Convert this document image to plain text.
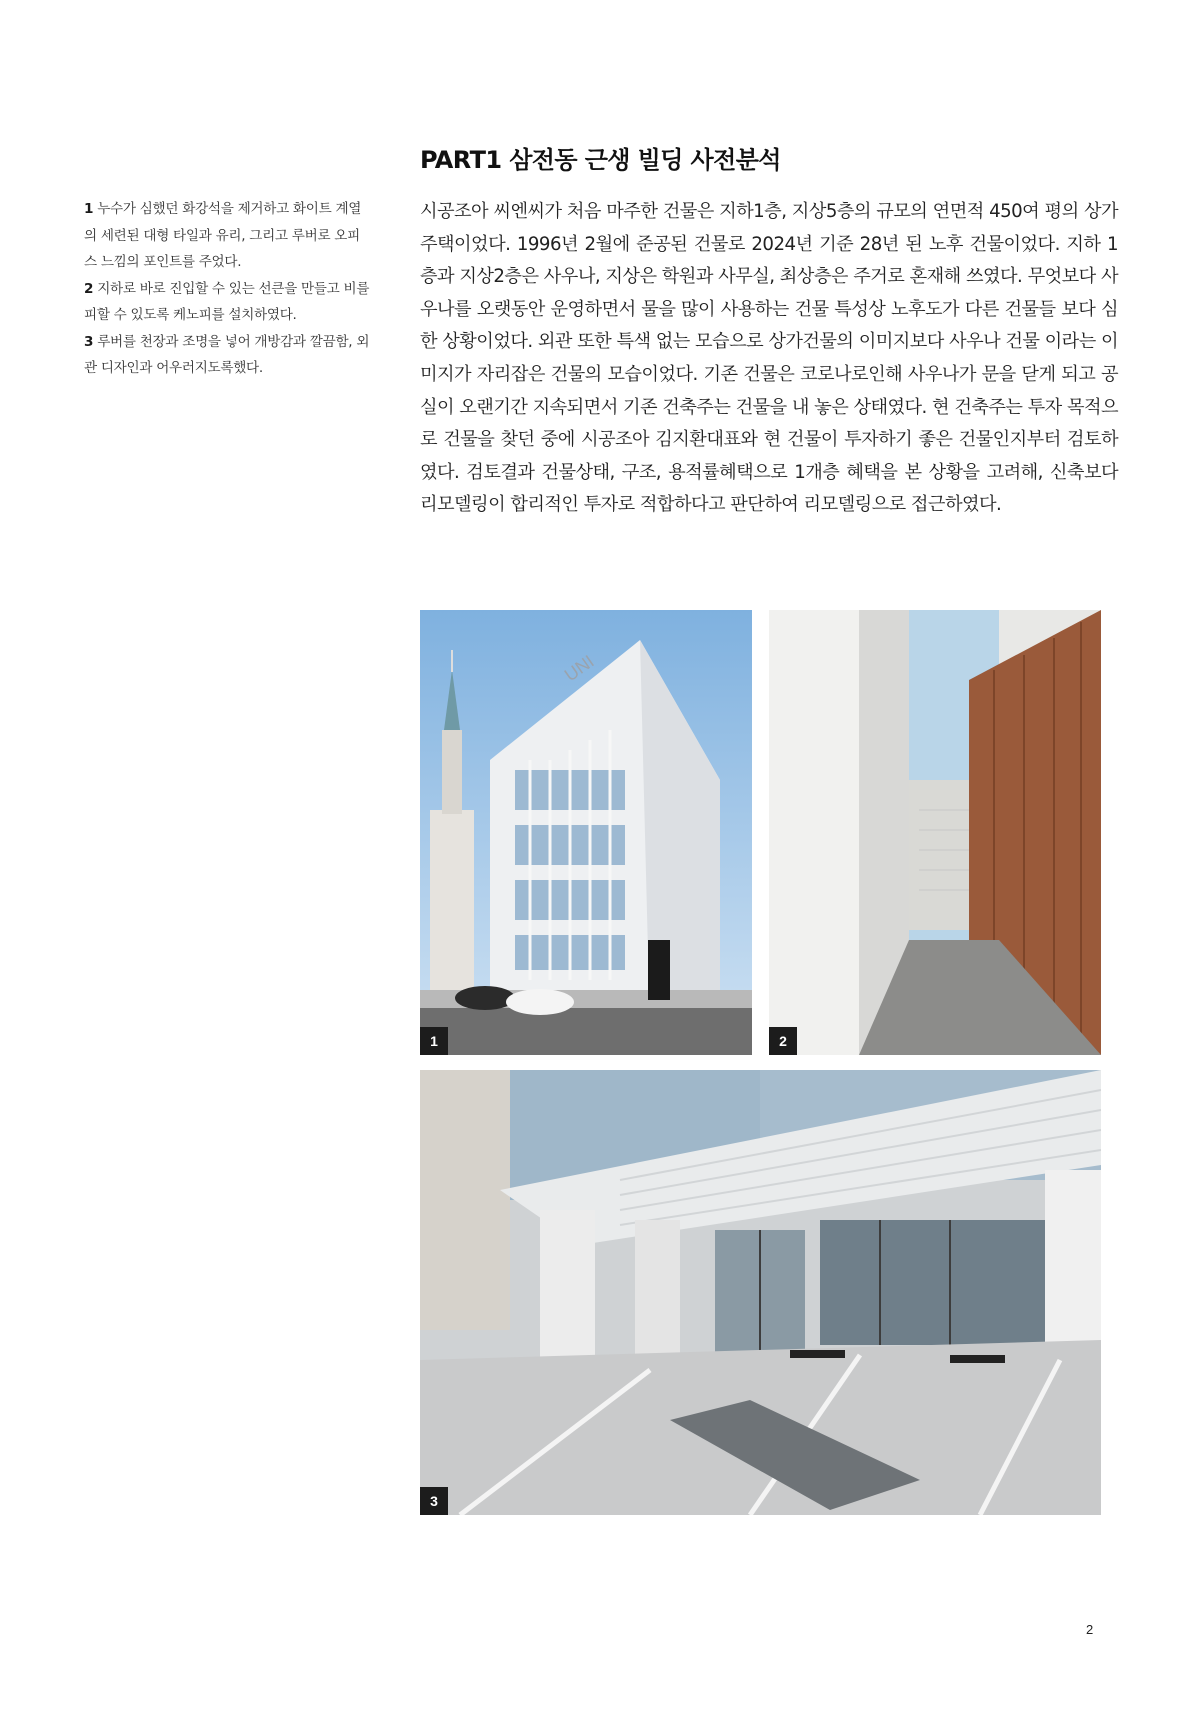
1 누수가 심했던 화강석을 제거하고 화이트 계열의 세련된 대형 타일과 유리, 그리고 루버로 오피스 느낌의 포인트를 주었다.

2 지하로 바로 진입할 수 있는 선큰을 만들고 비를 피할 수 있도록 케노피를 설치하였다.

3 루버를 천장과 조명을 넣어 개방감과 깔끔함, 외관 디자인과 어우러지도록했다.

PART1 삼전동 근생 빌딩 사전분석
시공조아 씨엔씨가 처음 마주한 건물은 지하1층, 지상5층의 규모의 연면적 450여 평의 상가주택이었다. 1996년 2월에 준공된 건물로 2024년 기준 28년 된 노후 건물이었다. 지하 1층과 지상2층은 사우나, 지상은 학원과 사무실, 최상층은 주거로 혼재해 쓰였다. 무엇보다 사우나를 오랫동안 운영하면서 물을 많이 사용하는 건물 특성상 노후도가 다른 건물들 보다 심한 상황이었다. 외관 또한 특색 없는 모습으로 상가건물의 이미지보다 사우나 건물 이라는 이미지가 자리잡은 건물의 모습이었다. 기존 건물은 코로나로인해 사우나가 문을 닫게 되고 공실이 오랜기간 지속되면서 기존 건축주는 건물을 내 놓은 상태였다. 현 건축주는 투자 목적으로 건물을 찾던 중에 시공조아 김지환대표와 현 건물이 투자하기 좋은 건물인지부터 검토하였다. 검토결과 건물상태, 구조, 용적률혜택으로 1개층 혜택을 본 상황을 고려해, 신축보다 리모델링이 합리적인 투자로 적합하다고 판단하여 리모델링으로 접근하였다.
UNI
1	2
3
2
